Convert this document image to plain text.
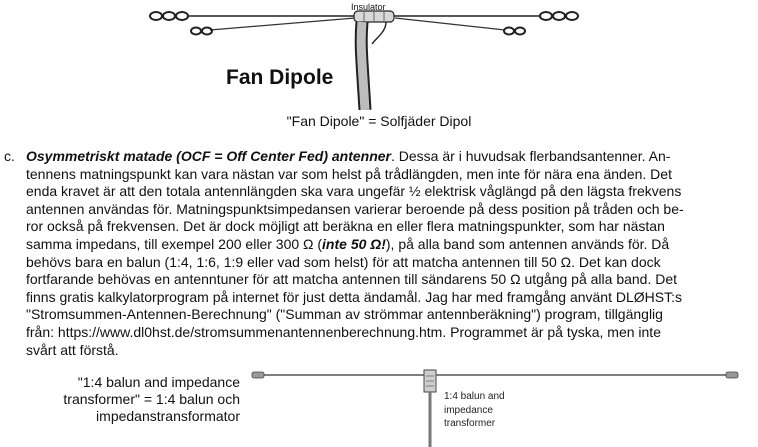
Insulator
Fan Dipole

"Fan Dipole" = Solfjäder Dipol

c. Osymmetriskt matade (OCF = Off Center Fed) antenner. Dessa är i huvudsak flerbandsantenner. An-
tennens matningspunkt kan vara nästan var som helst på trådlängden, men inte för nära ena änden. Det
enda kravet är att den totala antennlängden ska vara ungefär ½ elektrisk våglängd på den lägsta frekvens
antennen användas för. Matningspunktsimpedansen varierar beroende på dess position på tråden och be-
ror också på frekvensen. Det är dock möjligt att beräkna en eller flera matningspunkter, som har nästan
samma impedans, till exempel 200 eller 300 Ω (inte 50 Ω!), på alla band som antennen används för. Då
behövs bara en balun (1:4, 1:6, 1:9 eller vad som helst) för att matcha antennen till 50 Ω. Det kan dock
fortfarande behövas en antenntuner för att matcha antennen till sändarens 50 Ω utgång på alla band. Det
finns gratis kalkylatorprogram på internet för just detta ändamål. Jag har med framgång använt DLØHST:s
"Stromsummen-Antennen-Berechnung" ("Summan av strömmar antennberäkning") program, tillgänglig
från: https://www.dl0hst.de/stromsummenantennenberechnung.htm. Programmet är på tyska, men inte
svårt att förstå.
"1:4 balun and impedance
transformer" = 1:4 balun och
impedanstransformator
1:4 balun and
impedance
transformer
